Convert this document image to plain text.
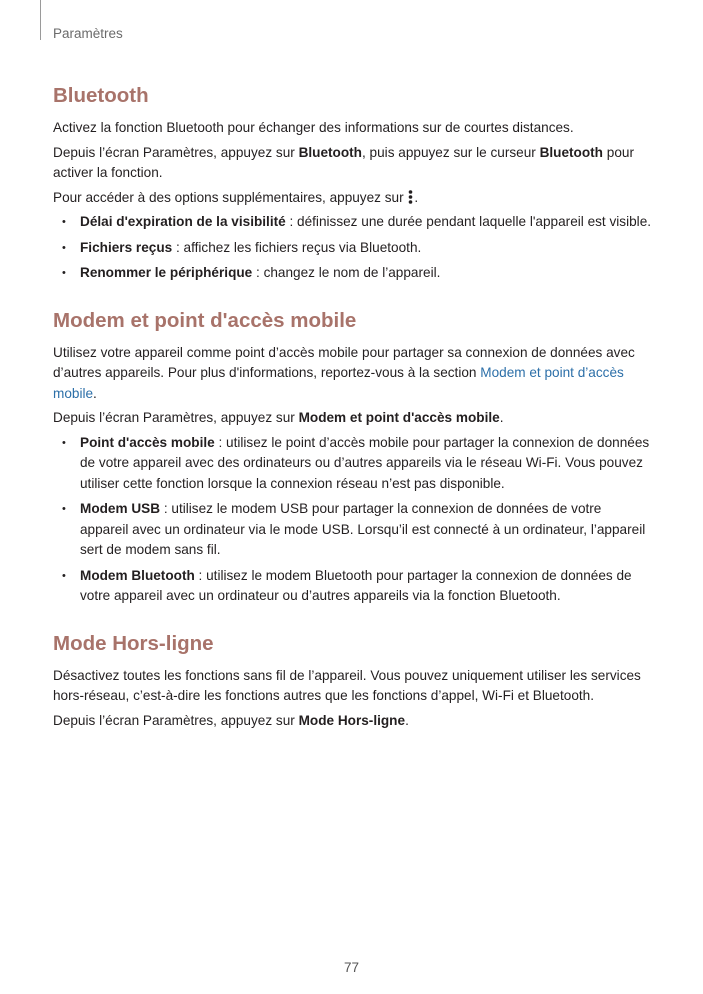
Paramètres
Bluetooth

Activez la fonction Bluetooth pour échanger des informations sur de courtes distances.

Depuis l’écran Paramètres, appuyez sur Bluetooth, puis appuyez sur le curseur Bluetooth pour activer la fonction.

Pour accéder à des options supplémentaires, appuyez sur .

• Délai d'expiration de la visibilité : définissez une durée pendant laquelle l'appareil est visible.
• Fichiers reçus : affichez les fichiers reçus via Bluetooth.
• Renommer le périphérique : changez le nom de l’appareil.
Modem et point d'accès mobile

Utilisez votre appareil comme point d’accès mobile pour partager sa connexion de données avec d’autres appareils. Pour plus d'informations, reportez-vous à la section Modem et point d’accès mobile.

Depuis l’écran Paramètres, appuyez sur Modem et point d'accès mobile.

• Point d'accès mobile : utilisez le point d’accès mobile pour partager la connexion de données de votre appareil avec des ordinateurs ou d’autres appareils via le réseau Wi-Fi. Vous pouvez utiliser cette fonction lorsque la connexion réseau n’est pas disponible.
• Modem USB : utilisez le modem USB pour partager la connexion de données de votre appareil avec un ordinateur via le mode USB. Lorsqu’il est connecté à un ordinateur, l’appareil sert de modem sans fil.
• Modem Bluetooth : utilisez le modem Bluetooth pour partager la connexion de données de votre appareil avec un ordinateur ou d’autres appareils via la fonction Bluetooth.
Mode Hors-ligne

Désactivez toutes les fonctions sans fil de l’appareil. Vous pouvez uniquement utiliser les services hors-réseau, c’est-à-dire les fonctions autres que les fonctions d’appel, Wi-Fi et Bluetooth.

Depuis l’écran Paramètres, appuyez sur Mode Hors-ligne.

77
